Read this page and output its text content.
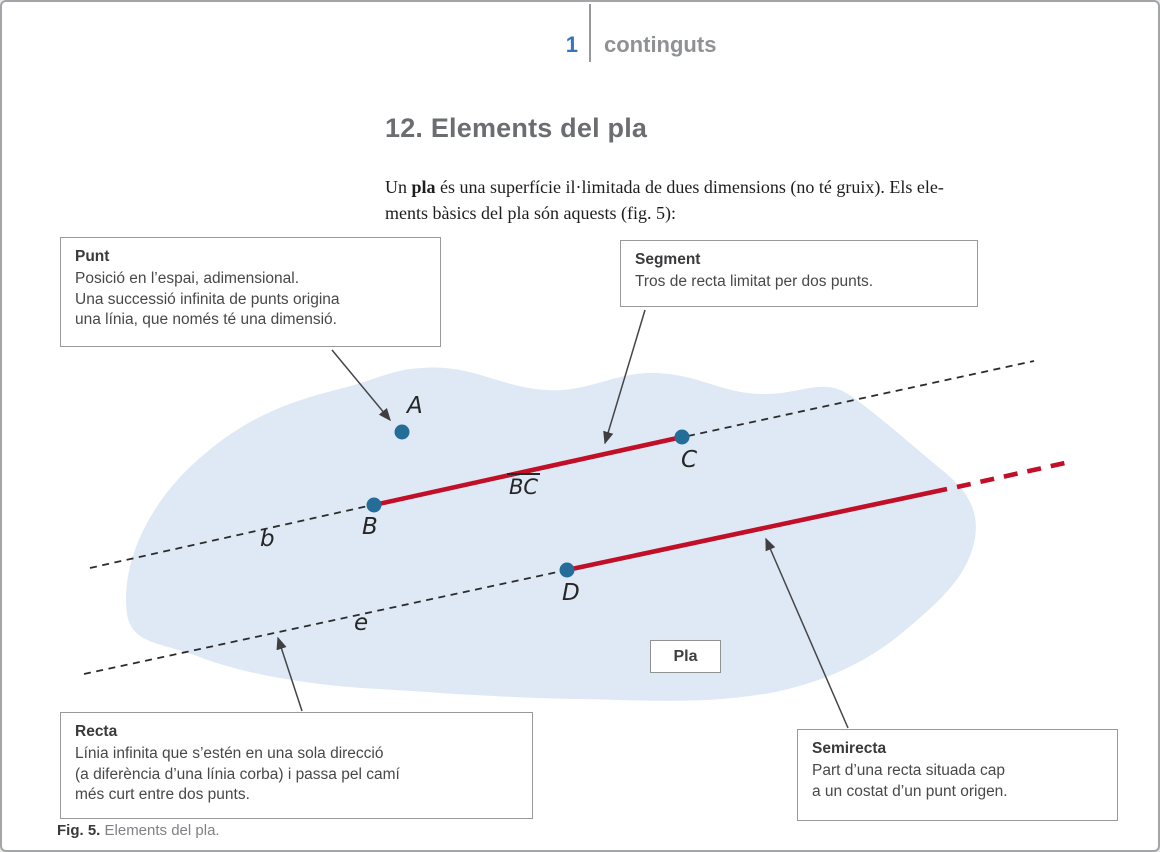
1 continguts
12. Elements del pla

Un pla és una superfície il·limitada de dues dimensions (no té gruix). Els ele-
ments bàsics del pla són aquests (fig. 5):

A
B
C
D
b
e
BC
Pla
Punt
Posició en l’espai, adimensional.
Una successió infinita de punts origina
una línia, que només té una dimensió.
Segment
Tros de recta limitat per dos punts.
Recta
Línia infinita que s’estén en una sola direcció
(a diferència d’una línia corba) i passa pel camí
més curt entre dos punts.
Semirecta
Part d’una recta situada cap
a un costat d’un punt origen.
Fig. 5. Elements del pla.
